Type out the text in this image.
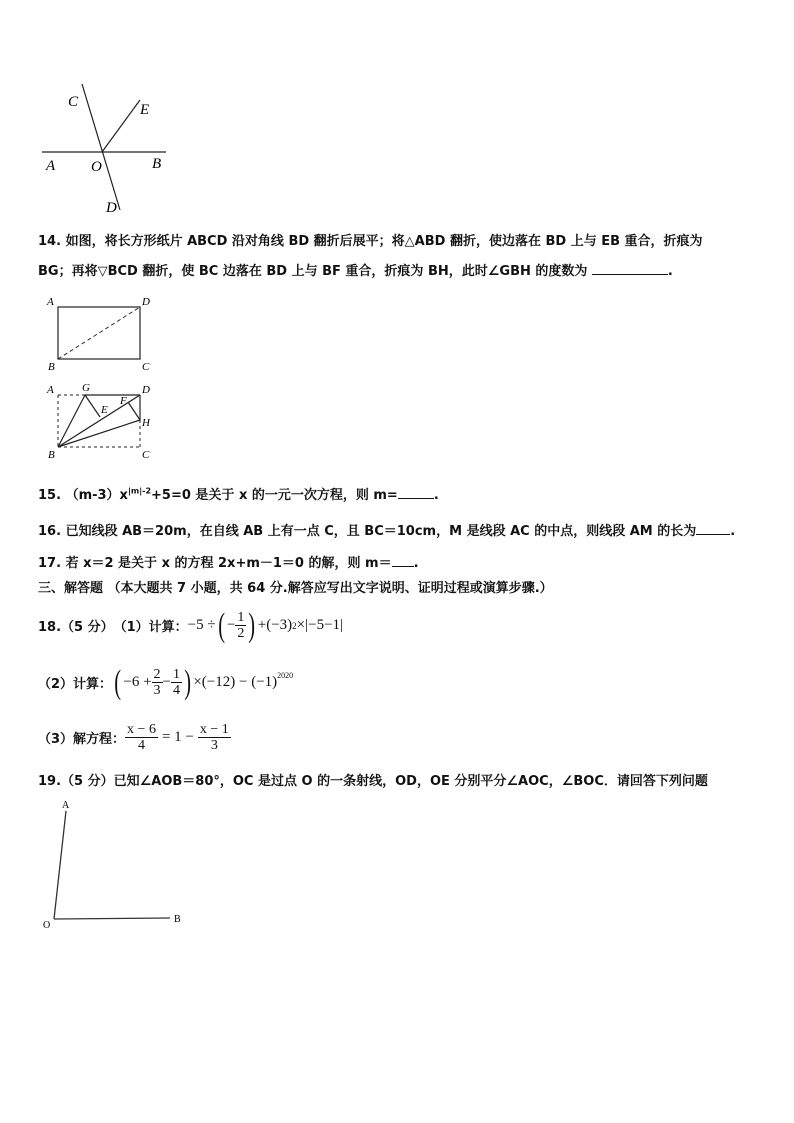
C	E
A O	B
D
14. 如图，将长方形纸片 ABCD 沿对角线 BD 翻折后展平；将△ABD 翻折，使边落在 BD 上与 EB 重合，折痕为
BG；再将▽BCD 翻折，使 BC 边落在 BD 上与 BF 重合，折痕为 BH，此时∠GBH 的度数为	.
A	D
B	C
A	G	D
F
E
H
B	C
15. $(m-3)x^{|m|-2}+5=0$ 是关于 x 的一元一次方程，则 m=	.
16. 已知线段 AB＝20m，在自线 AB 上有一点 C，且 BC＝10cm，M 是线段 AC 的中点，则线段 AM 的长为	.
17. 若 x＝2 是关于 x 的方程 2x+m－1＝0 的解，则 m＝ .
三、解答题 （本大题共 7 小题，共 64 分.解答应写出文字说明、证明过程或演算步骤.）
18.（5 分） （1）计算： −5 ÷ ( − $\frac{1}{2}$ ) +(−3) 2 ×|−5−1|
（2）计算： ( $-6 + \frac{2}{3} - \frac{1}{4}$ ) $\times(-12) - (-1)^{2020}$
（3）解方程： $\frac{x - 6}{4} = 1 - \frac{x - 1}{3}$
19.（5 分）已知∠AOB＝80°，OC 是过点 O 的一条射线，OD，OE 分别平分∠AOC，∠BOC．请回答下列问题
A
O
B
